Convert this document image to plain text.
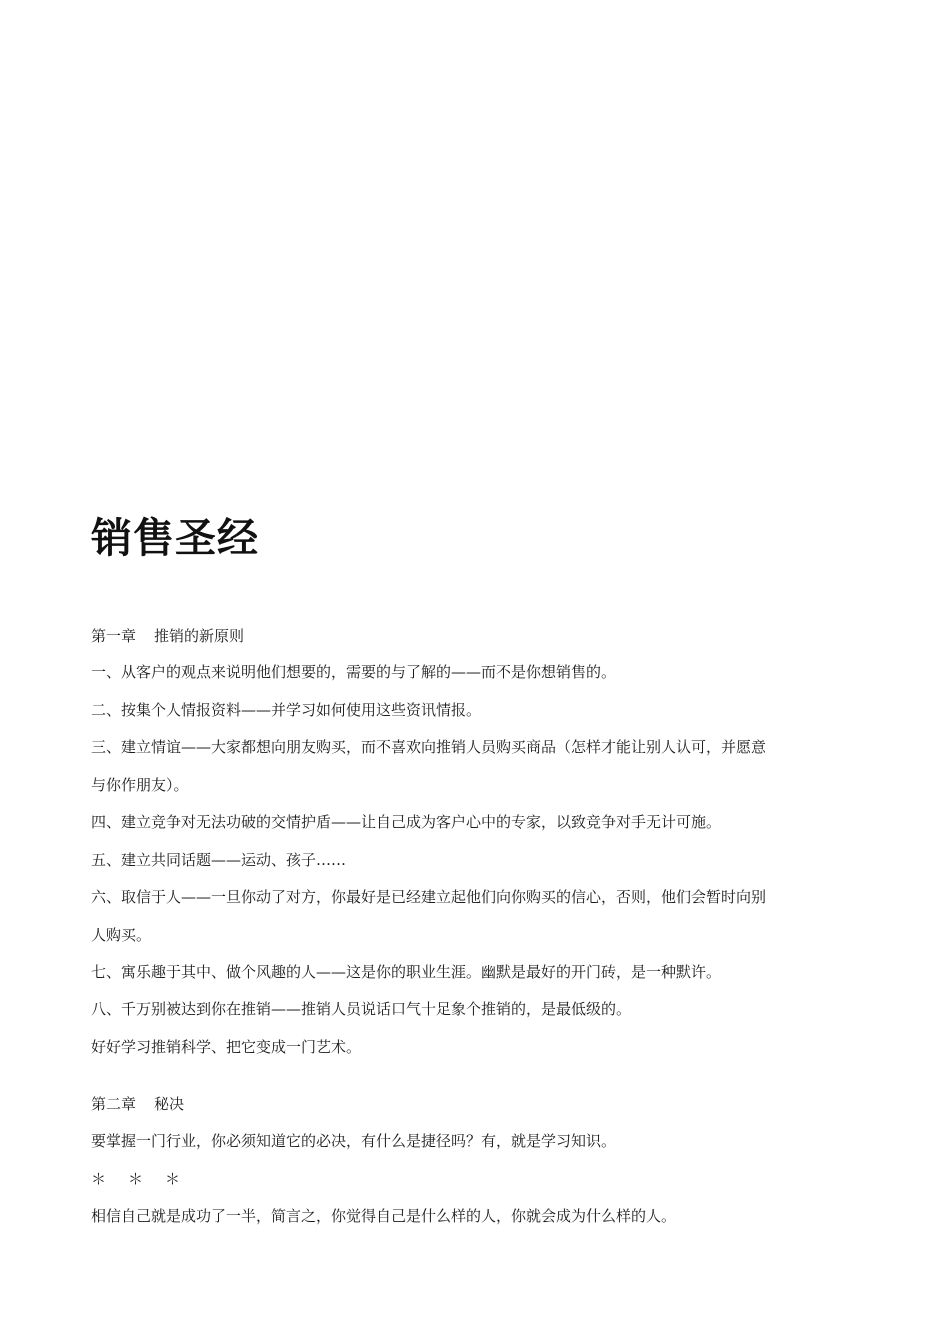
销售圣经
第一章 推销的新原则
一、从客户的观点来说明他们想要的，需要的与了解的——而不是你想销售的。
二、按集个人情报资料——并学习如何使用这些资讯情报。
三、建立情谊——大家都想向朋友购买，而不喜欢向推销人员购买商品（怎样才能让别人认可，并愿意
与你作朋友）。
四、建立竞争对无法功破的交情护盾——让自己成为客户心中的专家，以致竞争对手无计可施。
五、建立共同话题——运动、孩子……
六、取信于人——一旦你动了对方，你最好是已经建立起他们向你购买的信心，否则，他们会暂时向别
人购买。
七、寓乐趣于其中、做个风趣的人——这是你的职业生涯。幽默是最好的开门砖，是一种默许。
八、千万别被达到你在推销——推销人员说话口气十足象个推销的，是最低级的。
好好学习推销科学、把它变成一门艺术。
第二章 秘决
要掌握一门行业，你必须知道它的必决，有什么是捷径吗？有，就是学习知识。
＊ ＊ ＊
相信自己就是成功了一半，简言之，你觉得自己是什么样的人，你就会成为什么样的人。
